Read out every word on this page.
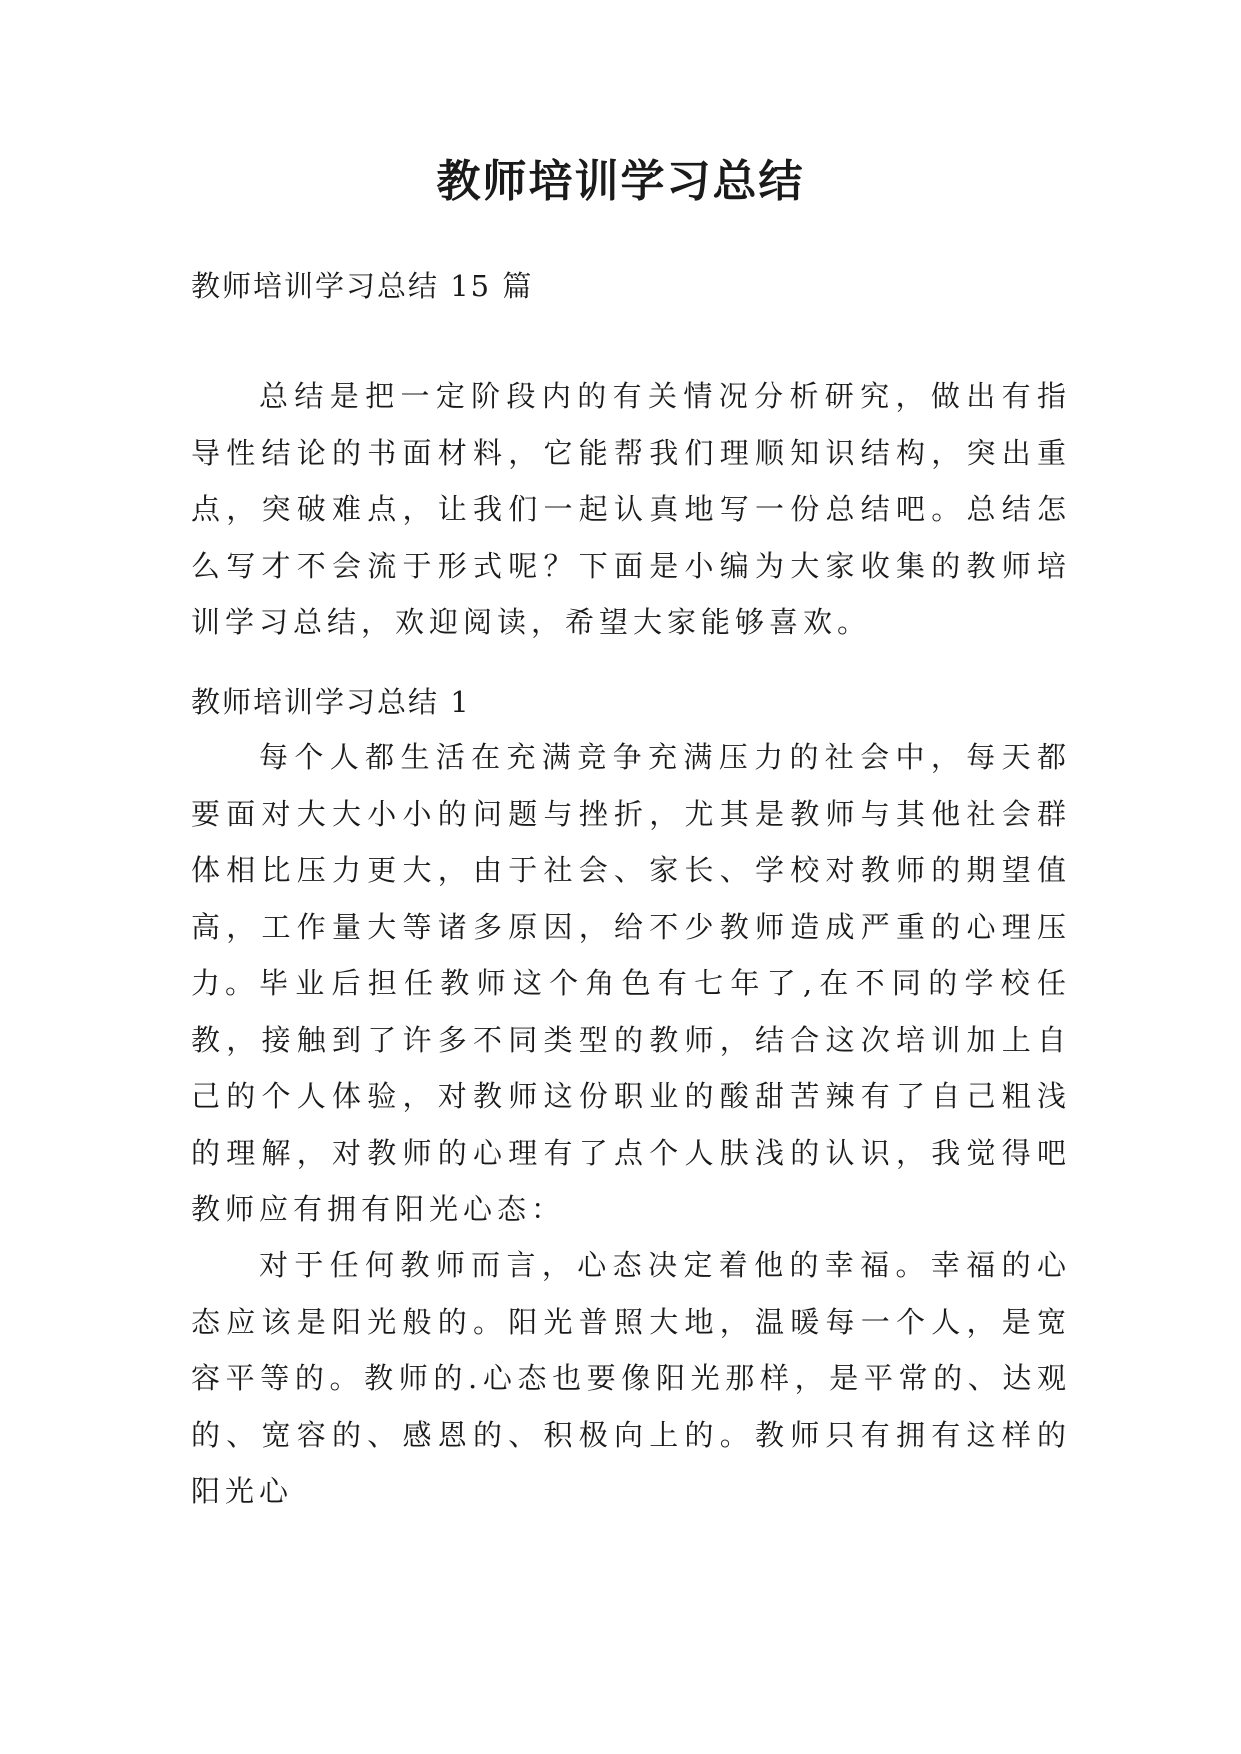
教师培训学习总结
教师培训学习总结 15 篇

总结是把一定阶段内的有关情况分析研究，做出有指导性结论的书面材料，它能帮我们理顺知识结构，突出重点，突破难点，让我们一起认真地写一份总结吧。总结怎么写才不会流于形式呢？下面是小编为大家收集的教师培训学习总结，欢迎阅读，希望大家能够喜欢。

教师培训学习总结 1

每个人都生活在充满竞争充满压力的社会中，每天都要面对大大小小的问题与挫折，尤其是教师与其他社会群体相比压力更大，由于社会、家长、学校对教师的期望值高，工作量大等诸多原因，给不少教师造成严重的心理压力。 毕业后担任教师这个角色有七年了,在不同的学校任教，接触到了许多不同类型的教师，结合这次培训加上自己的个人体验，对教师这份职业的酸甜苦辣有了自己粗浅的理解，对教师的心理有了点个人肤浅的认识，我觉得吧教师应有拥有阳光心态：

对于任何教师而言，心态决定着他的幸福。幸福的心态应该是阳光般的。阳光普照大地，温暖每一个人，是宽容平等的。教师的.心态也要像阳光那样，是平常的、达观的、宽容的、感恩的、积极向上的。教师只有拥有这样的阳光心
